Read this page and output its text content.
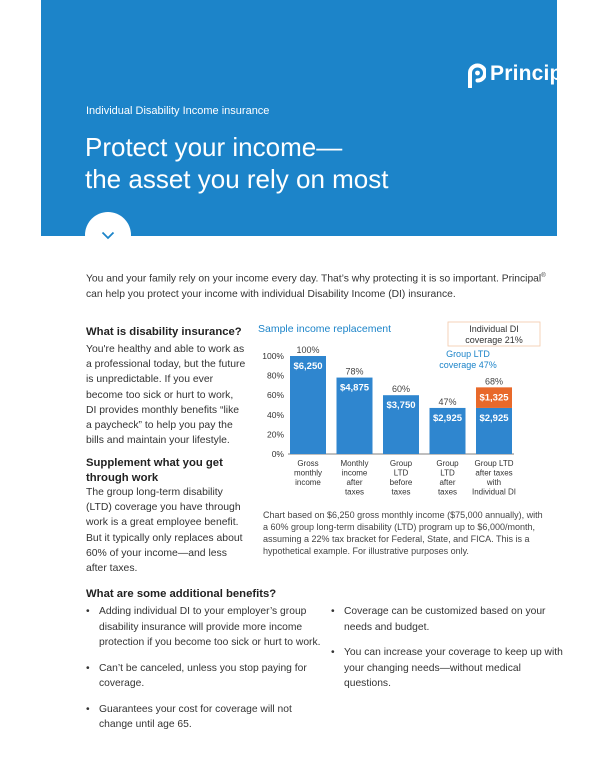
Principal®
Individual Disability Income insurance
Protect your income—
the asset you rely on most
You and your family rely on your income every day. That’s why protecting it is so important. Principal® can help you protect your income with individual Disability Income (DI) insurance.
What is disability insurance?
You're healthy and able to work as a professional today, but the future is unpredictable. If you ever become too sick or hurt to work, DI provides monthly benefits “like a paycheck” to help you pay the bills and maintain your lifestyle.
Supplement what you get
through work
The group long-term disability (LTD) coverage you have through work is a great employee benefit. But it typically only replaces about 60% of your income—and less after taxes.
Sample income replacement
0%
20%
40%
60%
80%
100%
$6,250
100%
Gross
monthly
income
$4,875
78%
Monthly
income
after
taxes
$3,750
60%
Group
LTD
before
taxes
$2,925
47%
Group
LTD
after
taxes
$2,925
$1,325
68%
Group LTD
after taxes
with
Individual DI
Group LTD
coverage 47%
Individual DI
coverage 21%
Chart based on $6,250 gross monthly income ($75,000 annually), with a 60% group long-term disability (LTD) program up to $6,000/month, assuming a 22% tax bracket for Federal, State, and FICA. This is a hypothetical example. For illustrative purposes only.
What are some additional benefits?
• Adding individual DI to your employer’s group disability insurance will provide more income protection if you become too sick or hurt to work.
• Can’t be canceled, unless you stop paying for coverage.
• Guarantees your cost for coverage will not change until age 65.
• Coverage can be customized based on your needs and budget.
• You can increase your coverage to keep up with your changing needs—without medical questions.
